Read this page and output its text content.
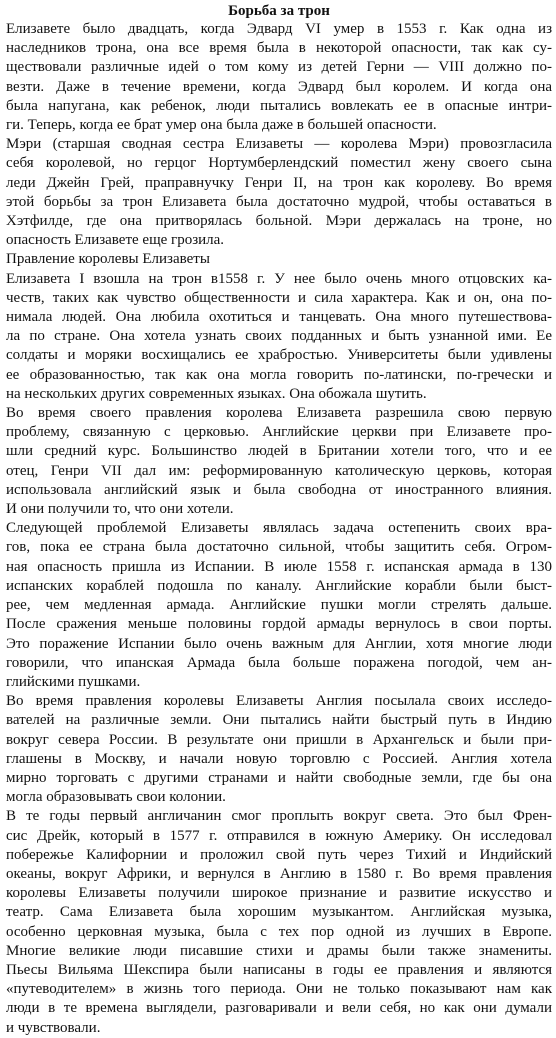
Борьба за трон
Елизавете было двадцать, когда Эдвард VI умер в 1553 г. Как одна из
наследников трона, она все время была в некоторой опасности, так как су-
ществовали различные идей о том кому из детей Герни — VIII должно по-
везти. Даже в течение времени, когда Эдвард был королем. И когда она
была напугана, как ребенок, люди пытались вовлекать ее в опасные интри-
ги. Теперь, когда ее брат умер она была даже в большей опасности.
Мэри (старшая сводная сестра Елизаветы — королева Мэри) провозгласила
себя королевой, но герцог Нортумберлендский поместил жену своего сына
леди Джейн Грей, праправнучку Генри II, на трон как королеву. Во время
этой борьбы за трон Елизавета была достаточно мудрой, чтобы оставаться в
Хэтфилде, где она притворялась больной. Мэри держалась на троне, но
опасность Елизавете еще грозила.
Правление королевы Елизаветы
Елизавета I взошла на трон в1558 г. У нее было очень много отцовских ка-
честв, таких как чувство общественности и сила характера. Как и он, она по-
нимала людей. Она любила охотиться и танцевать. Она много путешествова-
ла по стране. Она хотела узнать своих подданных и быть узнанной ими. Ее
солдаты и моряки восхищались ее храбростью. Университеты были удивлены
ее образованностью, так как она могла говорить по-латински, по-гречески и
на нескольких других современных языках. Она обожала шутить.
Во время своего правления королева Елизавета разрешила свою первую
проблему, связанную с церковью. Английские церкви при Елизавете про-
шли средний курс. Большинство людей в Британии хотели того, что и ее
отец, Генри VII дал им: реформированную католическую церковь, которая
использовала английский язык и была свободна от иностранного влияния.
И они получили то, что они хотели.
Следующей проблемой Елизаветы являлась задача остепенить своих вра-
гов, пока ее страна была достаточно сильной, чтобы защитить себя. Огром-
ная опасность пришла из Испании. В июле 1558 г. испанская армада в 130
испанских кораблей подошла по каналу. Английские корабли были быст-
рее, чем медленная армада. Английские пушки могли стрелять дальше.
После сражения меньше половины гордой армады вернулось в свои порты.
Это поражение Испании было очень важным для Англии, хотя многие люди
говорили, что ипанская Армада была больше поражена погодой, чем ан-
глийскими пушками.
Во время правления королевы Елизаветы Англия посылала своих исследо-
вателей на различные земли. Они пытались найти быстрый путь в Индию
вокруг севера России. В результате они пришли в Архангельск и были при-
глашены в Москву, и начали новую торговлю с Россией. Англия хотела
мирно торговать с другими странами и найти свободные земли, где бы она
могла образовывать свои колонии.
В те годы первый англичанин смог проплыть вокруг света. Это был Френ-
сис Дрейк, который в 1577 г. отправился в южную Америку. Он исследовал
побережье Калифорнии и проложил свой путь через Тихий и Индийский
океаны, вокруг Африки, и вернулся в Англию в 1580 г. Во время правления
королевы Елизаветы получили широкое признание и развитие искусство и
театр. Сама Елизавета была хорошим музыкантом. Английская музыка,
особенно церковная музыка, была с тех пор одной из лучших в Европе.
Многие великие люди писавшие стихи и драмы были также знамениты.
Пьесы Вильяма Шекспира были написаны в годы ее правления и являются
«путеводителем» в жизнь того периода. Они не только показывают нам как
люди в те времена выглядели, разговаривали и вели себя, но как они думали
и чувствовали.
